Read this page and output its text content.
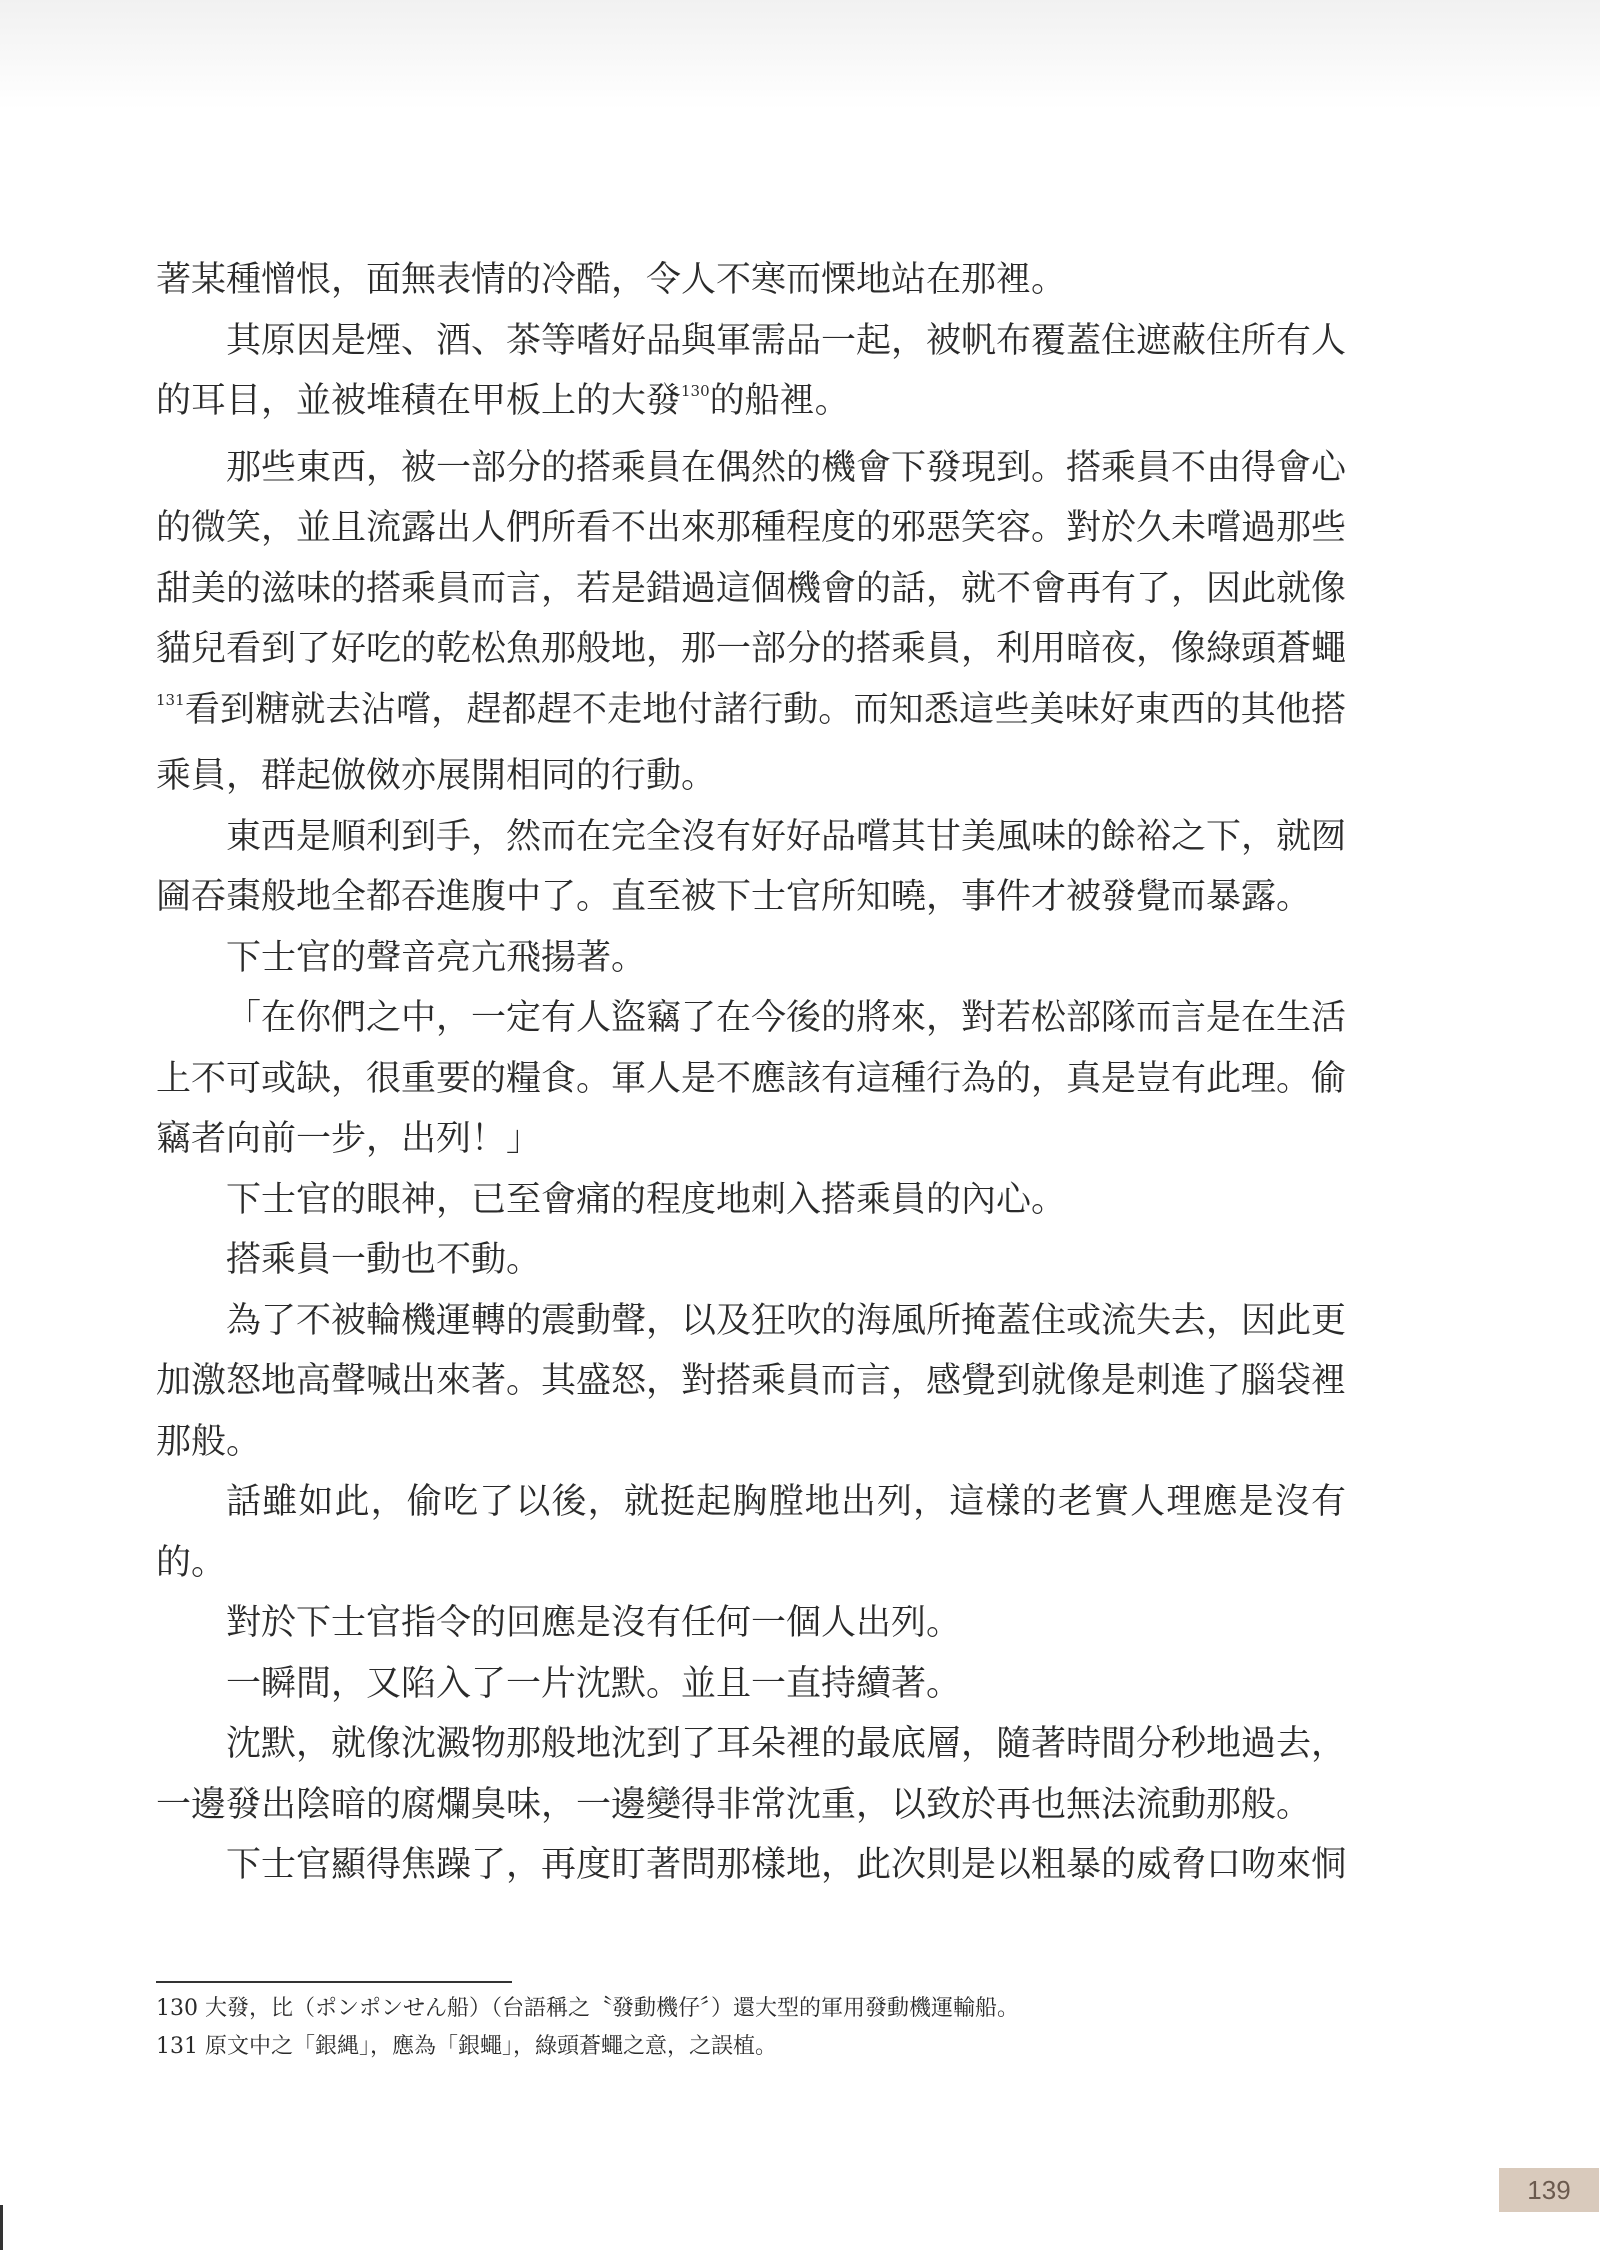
著某種憎恨，面無表情的冷酷，令人不寒而慄地站在那裡。

其原因是煙、酒、茶等嗜好品與軍需品一起，被帆布覆蓋住遮蔽住所有人的耳目，並被堆積在甲板上的大發$^{130}$的船裡。

那些東西，被一部分的搭乘員在偶然的機會下發現到。搭乘員不由得會心的微笑，並且流露出人們所看不出來那種程度的邪惡笑容。對於久未嚐過那些甜美的滋味的搭乘員而言，若是錯過這個機會的話，就不會再有了，因此就像貓兒看到了好吃的乾松魚那般地，那一部分的搭乘員，利用暗夜，像綠頭蒼蠅$^{131}$看到糖就去沾嚐，趕都趕不走地付諸行動。而知悉這些美味好東西的其他搭乘員，群起倣傚亦展開相同的行動。

東西是順利到手，然而在完全沒有好好品嚐其甘美風味的餘裕之下，就囫圇吞棗般地全都吞進腹中了。直至被下士官所知曉，事件才被發覺而暴露。

下士官的聲音亮亢飛揚著。

「在你們之中，一定有人盜竊了在今後的將來，對若松部隊而言是在生活上不可或缺，很重要的糧食。軍人是不應該有這種行為的，真是豈有此理。偷竊者向前一步，出列！」

下士官的眼神，已至會痛的程度地刺入搭乘員的內心。

搭乘員一動也不動。

為了不被輪機運轉的震動聲，以及狂吹的海風所掩蓋住或流失去，因此更加激怒地高聲喊出來著。其盛怒，對搭乘員而言，感覺到就像是刺進了腦袋裡那般。

話雖如此，偷吃了以後，就挺起胸膛地出列，這樣的老實人理應是沒有的。

對於下士官指令的回應是沒有任何一個人出列。

一瞬間，又陷入了一片沈默。並且一直持續著。

沈默，就像沈澱物那般地沈到了耳朵裡的最底層，隨著時間分秒地過去，一邊發出陰暗的腐爛臭味，一邊變得非常沈重，以致於再也無法流動那般。

下士官顯得焦躁了，再度盯著問那樣地，此次則是以粗暴的威脅口吻來恫

130 大發，比（ポンポンせん船）（台語稱之〝發動機仔〞）還大型的軍用發動機運輸船。
131 原文中之「銀縄」，應為「銀蠅」，綠頭蒼蠅之意，之誤植。
139
